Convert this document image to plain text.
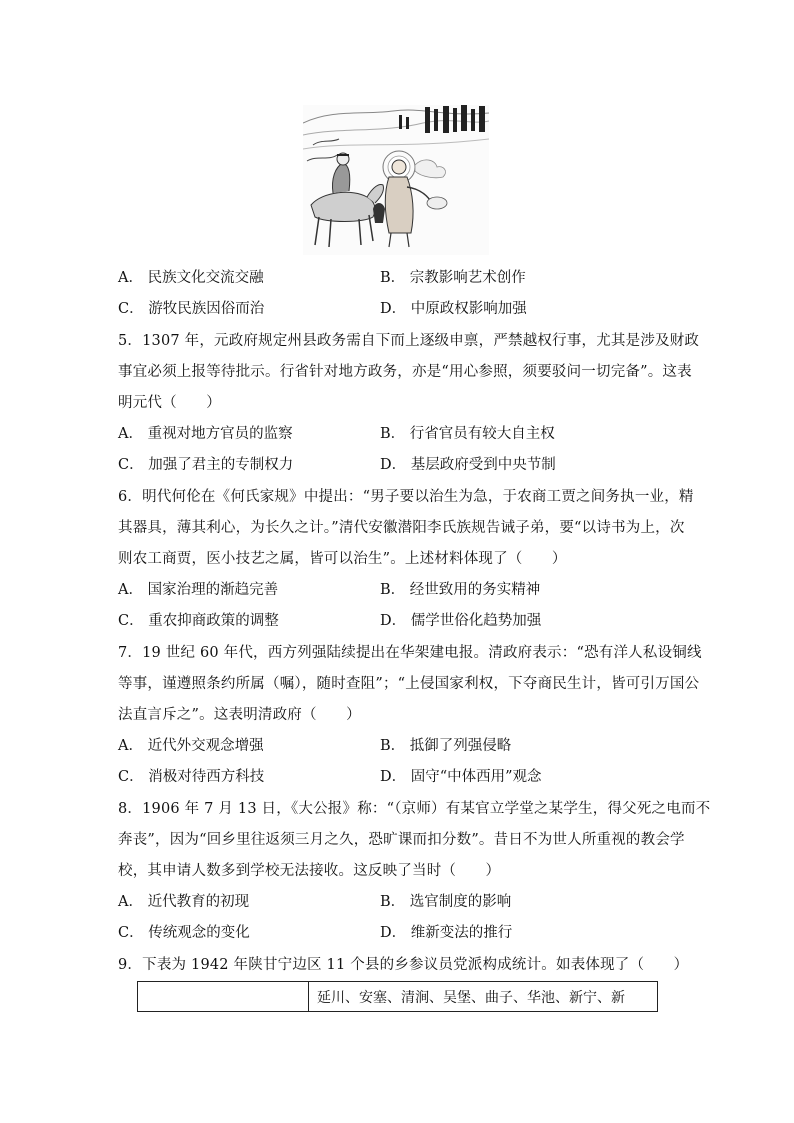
A． 民族文化交流交融	B． 宗教影响艺术创作
C． 游牧民族因俗而治	D． 中原政权影响加强
5．1307 年，元政府规定州县政务需自下而上逐级申禀，严禁越权行事，尤其是涉及财政
事宜必须上报等待批示。行省针对地方政务，亦是“用心参照，须要驳问一切完备”。这表
明元代（　　）
A． 重视对地方官员的监察	B． 行省官员有较大自主权
C． 加强了君主的专制权力	D． 基层政府受到中央节制
6．明代何伦在《何氏家规》中提出：“男子要以治生为急，于农商工贾之间务执一业，精
其器具，薄其利心，为长久之计。”清代安徽潜阳李氏族规告诫子弟，要“以诗书为上，次
则农工商贾，医小技艺之属，皆可以治生”。上述材料体现了（　　）
A． 国家治理的渐趋完善	B． 经世致用的务实精神
C． 重农抑商政策的调整	D． 儒学世俗化趋势加强
7．19 世纪 60 年代，西方列强陆续提出在华架建电报。清政府表示：“恐有洋人私设铜线
等事，谨遵照条约所属（嘱），随时查阻”；“上侵国家利权，下夺商民生计，皆可引万国公
法直言斥之”。这表明清政府（　　）
A． 近代外交观念增强	B． 抵御了列强侵略
C． 消极对待西方科技	D． 固守“中体西用”观念
8．1906 年 7 月 13 日，《大公报》称：“（京师）有某官立学堂之某学生，得父死之电而不
奔丧”，因为“回乡里往返须三月之久，恐旷课而扣分数”。昔日不为世人所重视的教会学
校，其申请人数多到学校无法接收。这反映了当时（　　）
A． 近代教育的初现	B． 选官制度的影响
C． 传统观念的变化	D． 维新变法的推行
9．下表为 1942 年陕甘宁边区 11 个县的乡参议员党派构成统计。如表体现了（　　）
	延川、安塞、清涧、吴堡、曲子、华池、新宁、新
